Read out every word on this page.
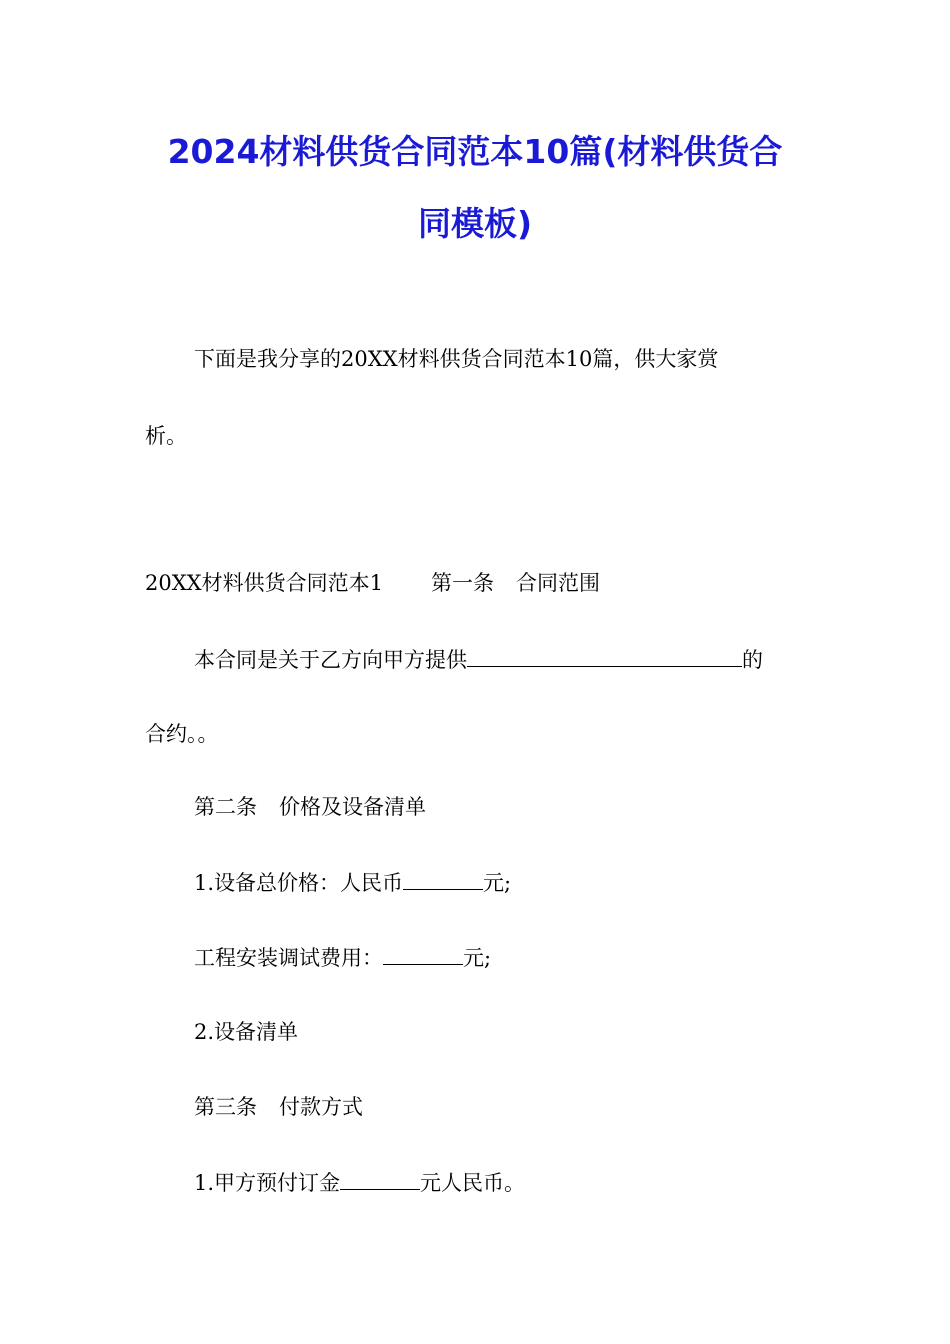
2024材料供货合同范本10篇(材料供货合
同模板)
下面是我分享的20XX材料供货合同范本10篇，供大家赏
析。
20XX材料供货合同范本1 第一条 合同范围
本合同是关于乙方向甲方提供	的
合约。。
第二条 价格及设备清单
1.设备总价格：人民币	元;
工程安装调试费用：	元;
2.设备清单
第三条 付款方式
1.甲方预付订金	元人民币。
